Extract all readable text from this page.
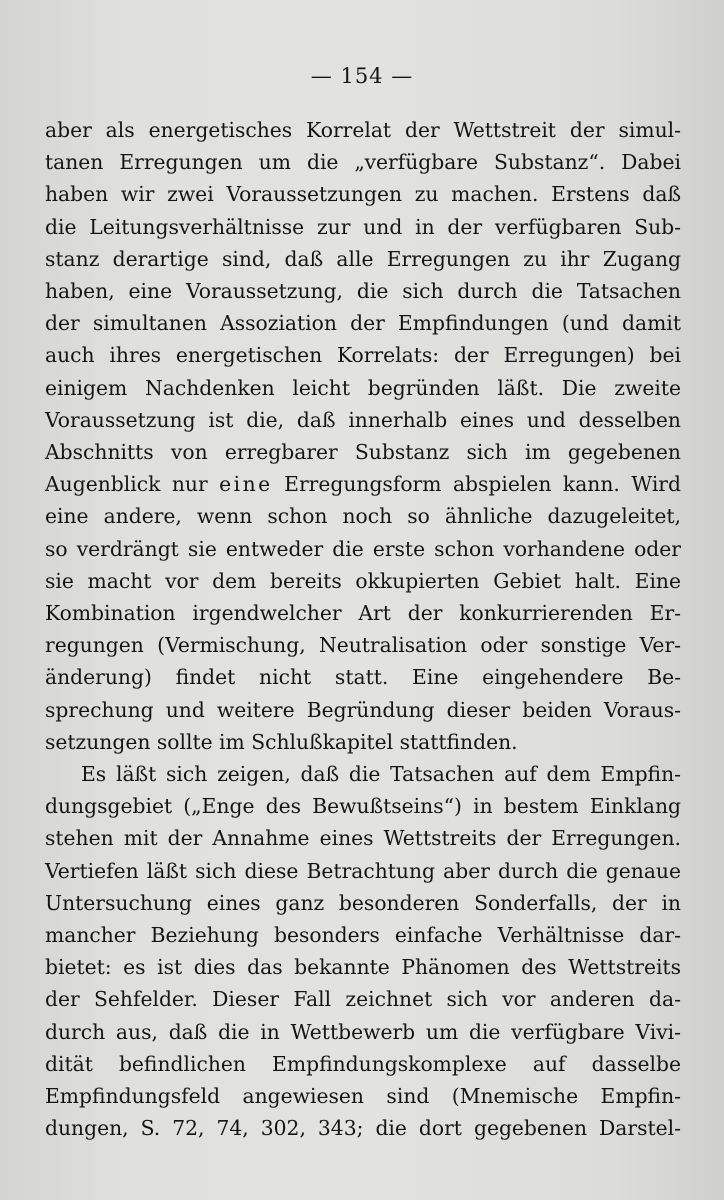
— 154 —
aber als energetisches Korrelat der Wettstreit der simul-
tanen Erregungen um die „verfügbare Substanz“. Dabei
haben wir zwei Voraussetzungen zu machen. Erstens daß
die Leitungsverhältnisse zur und in der verfügbaren Sub-
stanz derartige sind, daß alle Erregungen zu ihr Zugang
haben, eine Voraussetzung, die sich durch die Tatsachen
der simultanen Assoziation der Empfindungen (und damit
auch ihres energetischen Korrelats: der Erregungen) bei
einigem Nachdenken leicht begründen läßt. Die zweite
Voraussetzung ist die, daß innerhalb eines und desselben
Abschnitts von erregbarer Substanz sich im gegebenen
Augenblick nur eine Erregungsform abspielen kann. Wird
eine andere, wenn schon noch so ähnliche dazugeleitet,
so verdrängt sie entweder die erste schon vorhandene oder
sie macht vor dem bereits okkupierten Gebiet halt. Eine
Kombination irgendwelcher Art der konkurrierenden Er-
regungen (Vermischung, Neutralisation oder sonstige Ver-
änderung) findet nicht statt. Eine eingehendere Be-
sprechung und weitere Begründung dieser beiden Voraus-
setzungen sollte im Schlußkapitel stattfinden.
Es läßt sich zeigen, daß die Tatsachen auf dem Empfin-
dungsgebiet („Enge des Bewußtseins“) in bestem Einklang
stehen mit der Annahme eines Wettstreits der Erregungen.
Vertiefen läßt sich diese Betrachtung aber durch die genaue
Untersuchung eines ganz besonderen Sonderfalls, der in
mancher Beziehung besonders einfache Verhältnisse dar-
bietet: es ist dies das bekannte Phänomen des Wettstreits
der Sehfelder. Dieser Fall zeichnet sich vor anderen da-
durch aus, daß die in Wettbewerb um die verfügbare Vivi-
dität befindlichen Empfindungskomplexe auf dasselbe
Empfindungsfeld angewiesen sind (Mnemische Empfin-
dungen, S. 72, 74, 302, 343; die dort gegebenen Darstel-
